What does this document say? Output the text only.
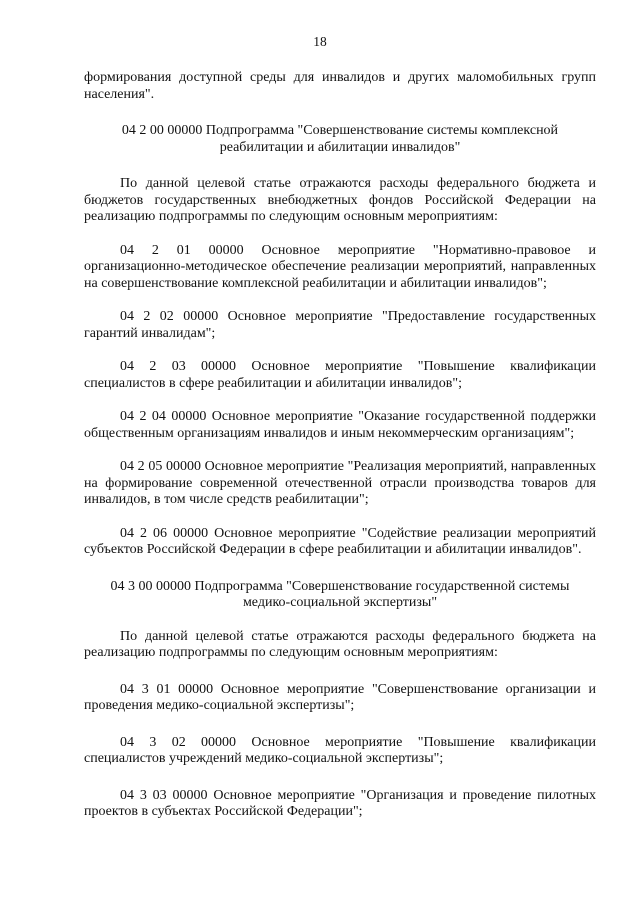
18

формирования доступной среды для инвалидов и других маломобильных групп населения".

04 2 00 00000 Подпрограмма "Совершенствование системы комплексной реабилитации и абилитации инвалидов"

По данной целевой статье отражаются расходы федерального бюджета и бюджетов государственных внебюджетных фондов Российской Федерации на реализацию подпрограммы по следующим основным мероприятиям:

04 2 01 00000 Основное мероприятие "Нормативно-правовое и организационно-методическое обеспечение реализации мероприятий, направленных на совершенствование комплексной реабилитации и абилитации инвалидов";

04 2 02 00000 Основное мероприятие "Предоставление государственных гарантий инвалидам";

04 2 03 00000 Основное мероприятие "Повышение квалификации специалистов в сфере реабилитации и абилитации инвалидов";

04 2 04 00000 Основное мероприятие "Оказание государственной поддержки общественным организациям инвалидов и иным некоммерческим организациям";

04 2 05 00000 Основное мероприятие "Реализация мероприятий, направленных на формирование современной отечественной отрасли производства товаров для инвалидов, в том числе средств реабилитации";

04 2 06 00000 Основное мероприятие "Содействие реализации мероприятий субъектов Российской Федерации в сфере реабилитации и абилитации инвалидов".

04 3 00 00000 Подпрограмма "Совершенствование государственной системы медико-социальной экспертизы"

По данной целевой статье отражаются расходы федерального бюджета на реализацию подпрограммы по следующим основным мероприятиям:

04 3 01 00000 Основное мероприятие "Совершенствование организации и проведения медико-социальной экспертизы";

04 3 02 00000 Основное мероприятие "Повышение квалификации специалистов учреждений медико-социальной экспертизы";

04 3 03 00000 Основное мероприятие "Организация и проведение пилотных проектов в субъектах Российской Федерации";
